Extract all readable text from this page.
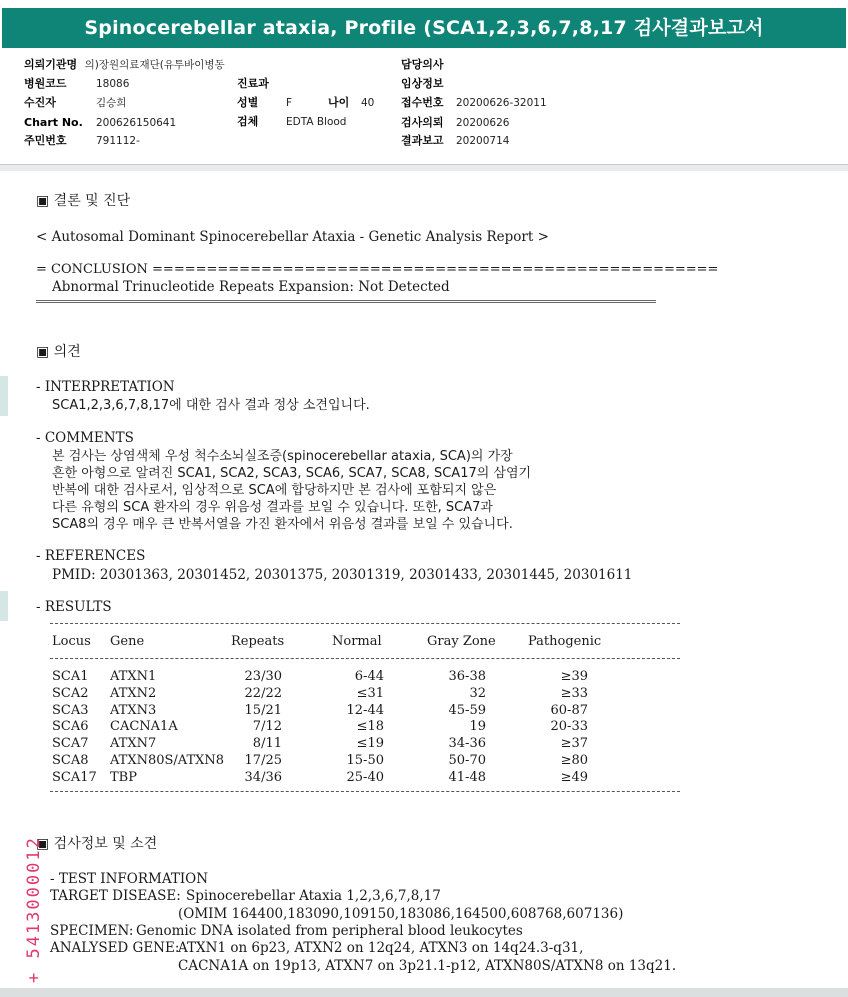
Spinocerebellar ataxia, Profile (SCA1,2,3,6,7,8,17 검사결과보고서
의뢰기관명 의)장원의료재단(유투바이병동
병원코드	18086
수진자	김승희
Chart No. 200626150641
주민번호	791112-
진료과
성별	F	나이 40
검체	EDTA Blood
담당의사
임상정보
접수번호 20200626-32011
검사의뢰 20200626
결과보고 20200714
▣ 결론 및 진단
< Autosomal Dominant Spinocerebellar Ataxia - Genetic Analysis Report >
= CONCLUSION ====================================================
Abnormal Trinucleotide Repeats Expansion: Not Detected
▣ 의견
- INTERPRETATION
SCA1,2,3,6,7,8,17에 대한 검사 결과 정상 소견입니다.
- COMMENTS
본 검사는 상염색체 우성 척수소뇌실조증(spinocerebellar ataxia, SCA)의 가장
흔한 아형으로 알려진 SCA1, SCA2, SCA3, SCA6, SCA7, SCA8, SCA17의 삼염기
반복에 대한 검사로서, 임상적으로 SCA에 합당하지만 본 검사에 포함되지 않은
다른 유형의 SCA 환자의 경우 위음성 결과를 보일 수 있습니다. 또한, SCA7과
SCA8의 경우 매우 큰 반복서열을 가진 환자에서 위음성 결과를 보일 수 있습니다.
- REFERENCES
PMID: 20301363, 20301452, 20301375, 20301319, 20301433, 20301445, 20301611
- RESULTS
Locus Gene	Repeats	Normal	Gray Zone Pathogenic
SCA1	ATXN1	23/30	6-44	36-38	≥39
SCA2	ATXN2	22/22	≤31	32	≥33
SCA3	ATXN3	15/21	12-44	45-59	60-87
SCA6	CACNA1A	7/12	≤18	19	20-33
SCA7	ATXN7	8/11	≤19	34-36	≥37
SCA8	ATXN80S/ATXN8	17/25	15-50	50-70	≥80
SCA17	TBP	34/36	25-40	41-48	≥49
▣ 검사정보 및 소견
- TEST INFORMATION
TARGET DISEASE: Spinocerebellar Ataxia 1,2,3,6,7,8,17
(OMIM 164400,183090,109150,183086,164500,608768,607136)
SPECIMEN: Genomic DNA isolated from peripheral blood leukocytes
ANALYSED GENE:
ATXN1 on 6p23, ATXN2 on 12q24, ATXN3 on 14q24.3-q31,
CACNA1A on 19p13, ATXN7 on 3p21.1-p12, ATXN80S/ATXN8 on 13q21.
+ 5413000012
